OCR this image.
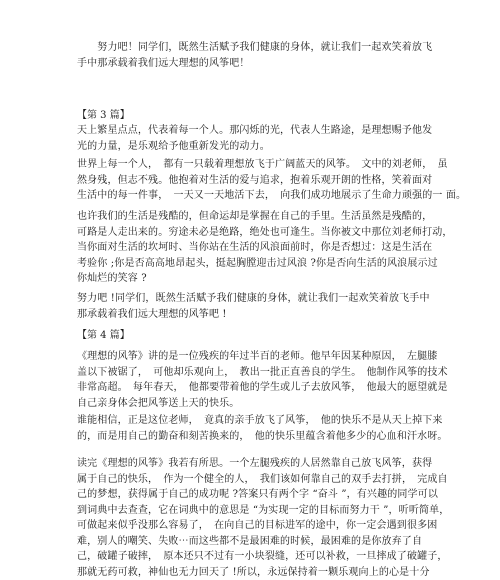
　　努力吧！同学们，既然生活赋予我们健康的身体，就让我们一起欢笑着放飞
手中那承载着我们远大理想的风筝吧！

【第 3 篇】

天上繁星点点，代表着每一个人。那闪烁的光，代表人生路途，是理想赐予他发
光的力量，是乐观给予他重新发光的动力。

世界上每一个人，　都有一只载着理想放飞于广阔蓝天的风筝。　文中的刘老师，　虽
然身残，但志不残。他抱着对生活的爱与追求，抱着乐观开朗的性格，笑着面对
生活中的每一件事，　一天又一天地活下去，　向我们成功地展示了生命力顽强的一 面。

也许我们的生活是残酷的，但命运却是掌握在自己的手里。生活虽然是残酷的，
可路是人走出来的。穷途未必是绝路，绝处也可逢生。当你被文中那位刘老师打动，
当你面对生活的坎坷时、当你站在生活的风浪面前时，你是否想过：这是生活在
考验你 ;你是否高高地昂起头，挺起胸膛迎击过风浪 ?你是否向生活的风浪展示过
你灿烂的笑容 ?

努力吧 !同学们，既然生活赋予我们健康的身体，就让我们一起欢笑着放飞手中
那承载着我们远大理想的风筝吧 !

【第 4 篇】

《理想的风筝》讲的是一位残疾的年过半百的老师。他早年因某种原因，　左腿膝
盖以下被锯了，　可他却乐观向上，　教出一批正直善良的学生。　他制作风筝的技术
非常高超。　每年春天，　他都要带着他的学生或儿子去放风筝，　他最大的愿望就是
自己亲身体会把风筝送上天的快乐。

谁能相信，正是这位老师，　竟真的亲手放飞了风筝，　他的快乐不是从天上掉下来
的，而是用自己的勤奋和刻苦换来的，　他的快乐里蕴含着他多少的心血和汗水呀。

读完《理想的风筝》我若有所思。一个左腿残疾的人居然靠自己放飞风筝，获得
属于自己的快乐，　作为一个健全的人，　我们该如何靠自己的双手去打拼，　完成自
己的梦想，获得属于自己的成功呢 ?答案只有两个字 “奋斗 ”，有兴趣的同学可以
到词典中去查查，它在词典中的意思是 “为实现一定的目标而努力干 ”，听听简单，
可做起来似乎没那么容易了，　在向自己的目标进军的途中，你一定会遇到很多困
难，别人的嘲笑、失败⋯而这些都不是最困难的时候，最困难的是你放弃了自
己，破罐子破摔，　原本还只不过有一小块裂缝，还可以补救，一旦摔成了破罐子，
那就无药可救，神仙也无力回天了 !所以，永远保持着一颗乐观向上的心是十分
